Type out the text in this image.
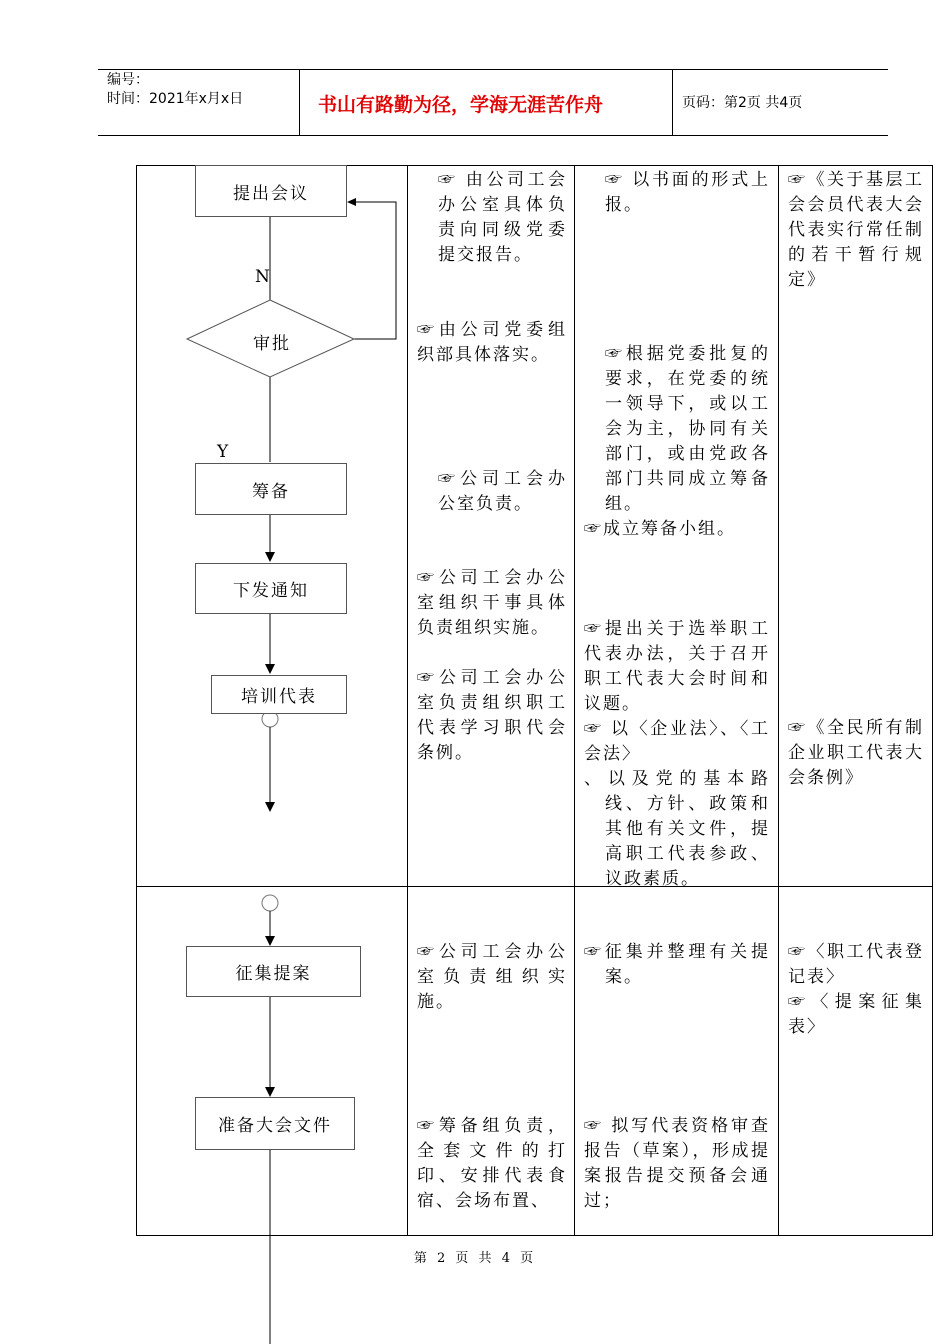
编号：
时间：2021年x月x日	书山有路勤为径，学海无涯苦作舟	页码：第2页 共4页
提出会议
审批
N
Y
筹备
下发通知
培训代表
征集提案
准备大会文件

☞ 由公司工会办公室具体负责向同级党委提交报告。

☞由公司党委组织部具体落实。

☞公司工会办公室负责。

☞公司工会办公室组织干事具体负责组织实施。

☞公司工会办公室负责组织职工代表学习职代会条例。

☞ 以书面的形式上报。

☞根据党委批复的要求，在党委的统一领导下，或以工会为主，协同有关部门，或由党政各部门共同成立筹备组。

☞成立筹备小组。

☞提出关于选举职工代表办法，关于召开职工代表大会时间和议题。

☞ 以〈企业法〉、〈工会法〉

、以及党的基本路线、方针、政策和其他有关文件，提高职工代表参政、议政素质。

☞《关于基层工会会员代表大会代表实行常任制的若干暂行规定》

☞《全民所有制企业职工代表大会条例》

☞公司工会办公室负责组织实施。

☞筹备组负责，全套文件的打印、安排代表食宿、会场布置、

☞征集并整理有关提案。

☞ 拟写代表资格审查报告（草案），形成提案报告提交预备会通过；

☞〈职工代表登记表〉

☞〈提案征集表〉

第 2 页 共 4 页
